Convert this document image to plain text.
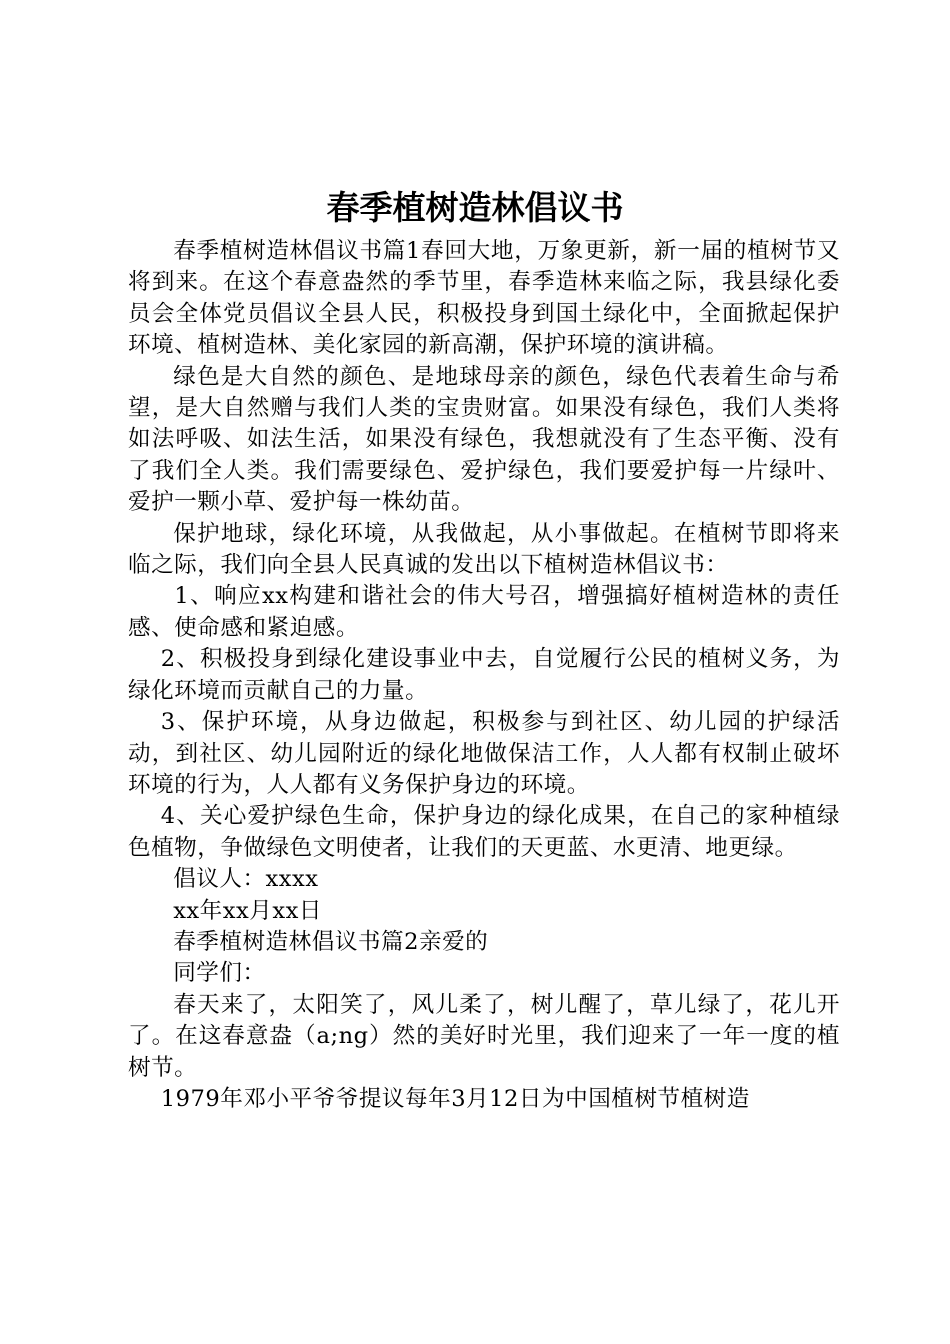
春季植树造林倡议书

春季植树造林倡议书篇1春回大地，万象更新，新一届的植树节又将到来。在这个春意盎然的季节里，春季造林来临之际，我县绿化委员会全体党员倡议全县人民，积极投身到国土绿化中，全面掀起保护环境、植树造林、美化家园的新高潮，保护环境的演讲稿。

绿色是大自然的颜色、是地球母亲的颜色，绿色代表着生命与希望，是大自然赠与我们人类的宝贵财富。如果没有绿色，我们人类将如法呼吸、如法生活，如果没有绿色，我想就没有了生态平衡、没有了我们全人类。我们需要绿色、爱护绿色，我们要爱护每一片绿叶、爱护一颗小草、爱护每一株幼苗。

保护地球，绿化环境，从我做起，从小事做起。在植树节即将来临之际，我们向全县人民真诚的发出以下植树造林倡议书：

1、响应xx构建和谐社会的伟大号召，增强搞好植树造林的责任感、使命感和紧迫感。

2、积极投身到绿化建设事业中去，自觉履行公民的植树义务，为绿化环境而贡献自己的力量。

3、保护环境，从身边做起，积极参与到社区、幼儿园的护绿活动，到社区、幼儿园附近的绿化地做保洁工作，人人都有权制止破坏环境的行为，人人都有义务保护身边的环境。

4、关心爱护绿色生命，保护身边的绿化成果，在自己的家种植绿色植物，争做绿色文明使者，让我们的天更蓝、水更清、地更绿。

倡议人：xxxx

xx年xx月xx日

春季植树造林倡议书篇2亲爱的

同学们：

春天来了，太阳笑了，风儿柔了，树儿醒了，草儿绿了，花儿开了。在这春意盎（a;ng）然的美好时光里，我们迎来了一年一度的植树节。

1979年邓小平爷爷提议每年3月12日为中国植树节植树造
